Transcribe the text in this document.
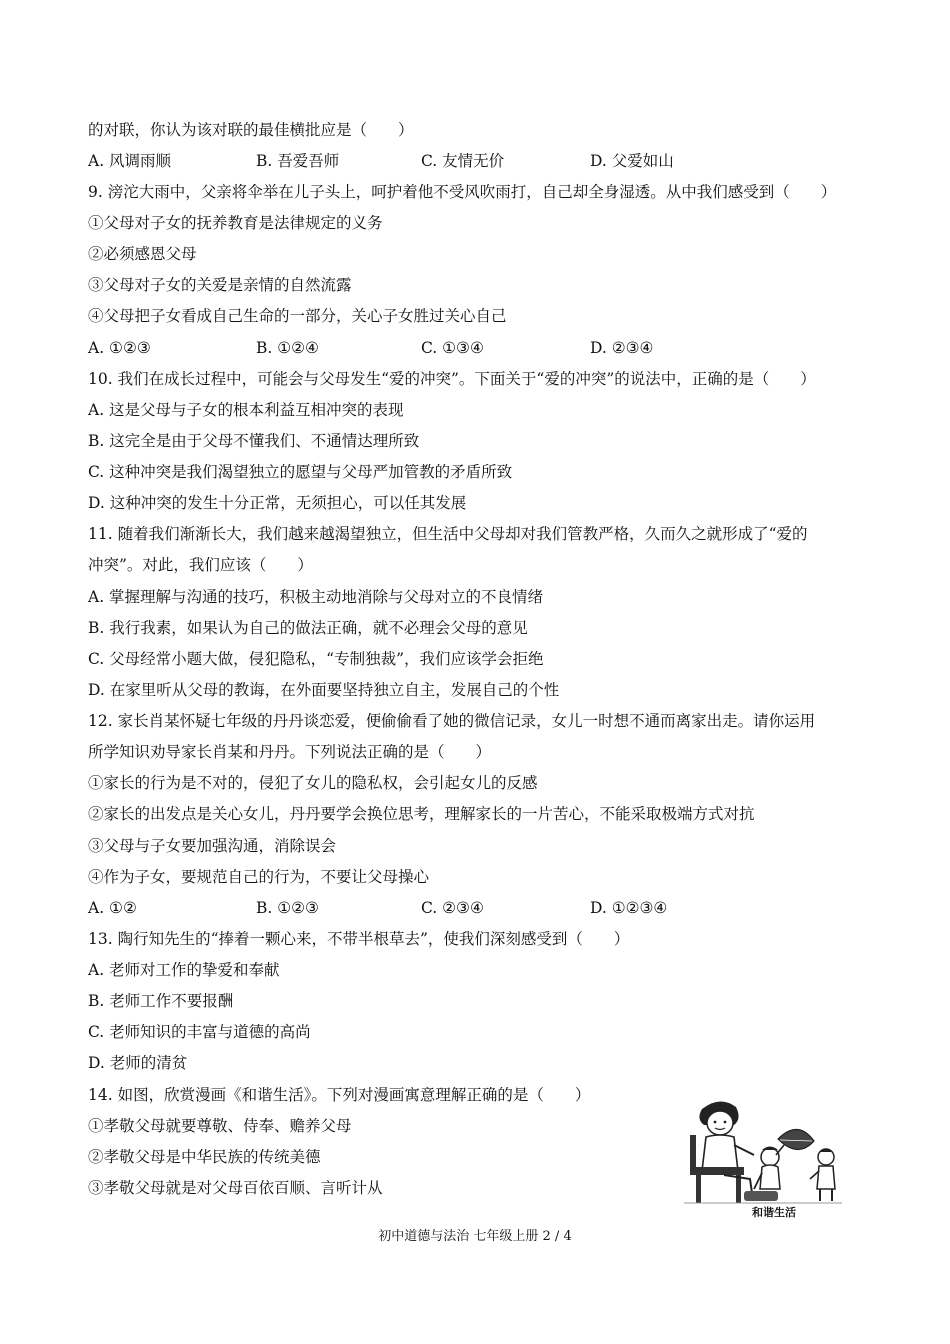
的对联，你认为该对联的最佳横批应是（　　）
A. 风调雨顺	B. 吾爱吾师	C. 友情无价	D. 父爱如山
9. 滂沱大雨中，父亲将伞举在儿子头上，呵护着他不受风吹雨打，自己却全身湿透。从中我们感受到（　　）
①父母对子女的抚养教育是法律规定的义务
②必须感恩父母
③父母对子女的关爱是亲情的自然流露
④父母把子女看成自己生命的一部分，关心子女胜过关心自己
A. ①②③	B. ①②④	C. ①③④	D. ②③④
10. 我们在成长过程中，可能会与父母发生“爱的冲突”。下面关于“爱的冲突”的说法中，正确的是（　　）
A. 这是父母与子女的根本利益互相冲突的表现
B. 这完全是由于父母不懂我们、不通情达理所致
C. 这种冲突是我们渴望独立的愿望与父母严加管教的矛盾所致
D. 这种冲突的发生十分正常，无须担心，可以任其发展
11. 随着我们渐渐长大，我们越来越渴望独立，但生活中父母却对我们管教严格，久而久之就形成了“爱的
冲突”。对此，我们应该（　　）
A. 掌握理解与沟通的技巧，积极主动地消除与父母对立的不良情绪
B. 我行我素，如果认为自己的做法正确，就不必理会父母的意见
C. 父母经常小题大做，侵犯隐私，“专制独裁”，我们应该学会拒绝
D. 在家里听从父母的教诲，在外面要坚持独立自主，发展自己的个性
12. 家长肖某怀疑七年级的丹丹谈恋爱，便偷偷看了她的微信记录，女儿一时想不通而离家出走。请你运用
所学知识劝导家长肖某和丹丹。下列说法正确的是（　　）
①家长的行为是不对的，侵犯了女儿的隐私权，会引起女儿的反感
②家长的出发点是关心女儿，丹丹要学会换位思考，理解家长的一片苦心，不能采取极端方式对抗
③父母与子女要加强沟通，消除误会
④作为子女，要规范自己的行为，不要让父母操心
A. ①②	B. ①②③	C. ②③④	D. ①②③④
13. 陶行知先生的“捧着一颗心来，不带半根草去”，使我们深刻感受到（　　）
A. 老师对工作的挚爱和奉献
B. 老师工作不要报酬
C. 老师知识的丰富与道德的高尚
D. 老师的清贫
14. 如图，欣赏漫画《和谐生活》。下列对漫画寓意理解正确的是（　　）
①孝敬父母就要尊敬、侍奉、赡养父母
②孝敬父母是中华民族的传统美德
③孝敬父母就是对父母百依百顺、言听计从
和谐生活
初中道德与法治 七年级上册 2 / 4
